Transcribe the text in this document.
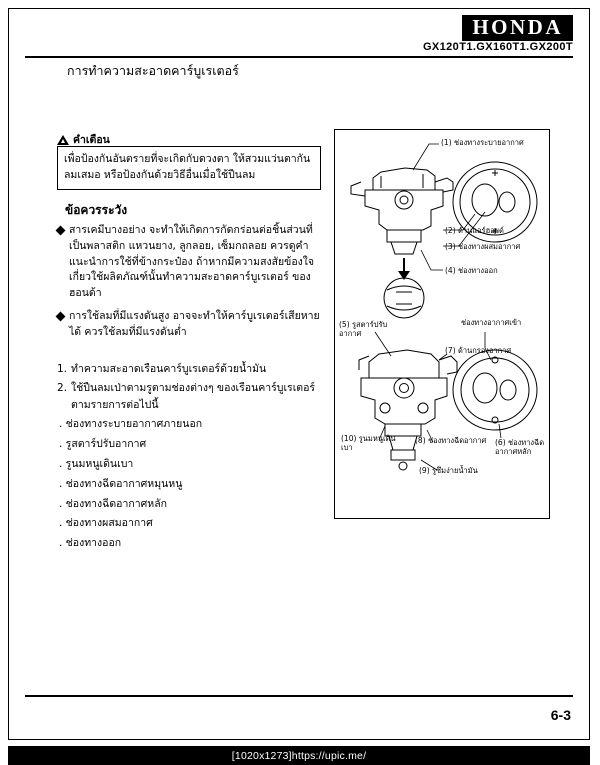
HONDA
GX120T1.GX160T1.GX200T
การทำความสะอาดคาร์บูเรเตอร์
คำเตือน
เพื่อป้องกันอันตรายที่จะเกิดกับดวงตา ให้สวมแว่นตากันลมเสมอ หรือป้องกันด้วยวิธีอื่นเมื่อใช้ปืนลม
ข้อควรระวัง
สารเคมีบางอย่าง จะทำให้เกิดการกัดกร่อนต่อชิ้นส่วนที่เป็นพลาสติก แหวนยาง, ลูกลอย, เซ็มกถลอย ควรดูคำแนะนำการใช้ที่ข้างกระป๋อง ถ้าหากมีความสงสัยข้องใจเกี่ยวใช้ผลิตภัณฑ์นั้นทำความสะอาดคาร์บูเรเตอร์ ของฮอนด้า
การใช้ลมที่มีแรงดันสูง อาจจะทำให้คาร์บูเรเตอร์เสียหายได้ ควรใช้ลมที่มีแรงดันต่ำ
1. ทำความสะอาดเรือนคาร์บูเรเตอร์ด้วยน้ำมัน
2. ใช้ปืนลมเป่าตามรูตามช่องต่างๆ ของเรือนคาร์บูเรเตอร์ ตามรายการต่อไปนี้
. ช่องทางระบายอากาศภายนอก
. รูสตาร์ปรับอากาศ
. รูนมหนูเดินเบา
. ช่องทางฉีดอากาศหมุนหนู
. ช่องทางฉีดอากาศหลัก
. ช่องทางผสมอากาศ
. ช่องทางออก
(1) ช่องทางระบายอากาศ
(2) ด้านแอร์ฮอยด์
(3) ช่องทางผสมอากาศ
(4) ช่องทางออก
(5) รูสตาร์ปรับอากาศ
ช่องทางอากาศเข้า
(7) ด้านกรองอากาศ
(8) ช่องทางฉีดอากาศ	(6) ช่องทางฉีดอากาศหลัก
(9) รูซึมง่ายน้ำมัน
(10) รูนมหนูเดินเบา
6-3
[1020x1273]https://upic.me/
